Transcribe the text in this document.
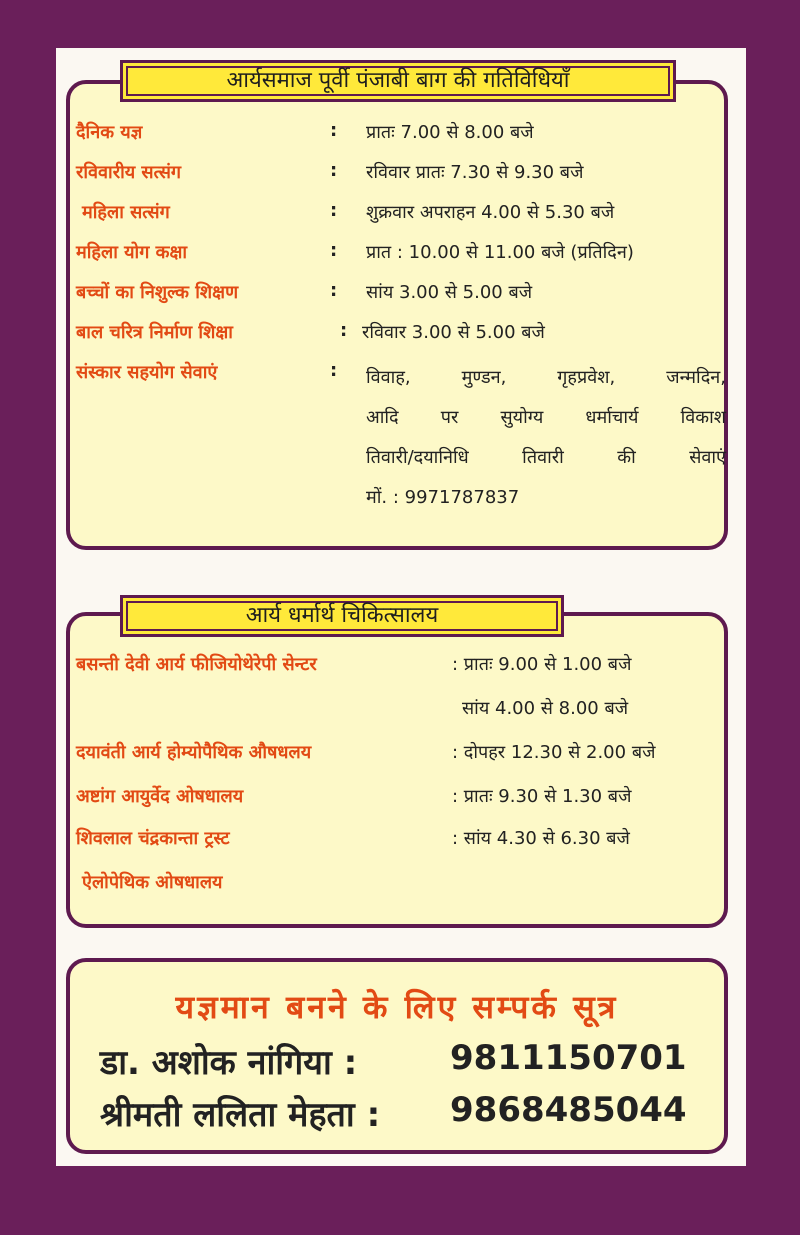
आर्यसमाज पूर्वी पंजाबी बाग की गतिविधियाँ
दैनिक यज्ञ	: प्रातः 7.00 से 8.00 बजे
रविवारीय सत्संग	: रविवार प्रातः 7.30 से 9.30 बजे
महिला सत्संग	: शुक्रवार अपराहन 4.00 से 5.30 बजे
महिला योग कक्षा	: प्रात : 10.00 से 11.00 बजे (प्रतिदिन)
बच्चों का निशुल्क शिक्षण	: सांय 3.00 से 5.00 बजे
बाल चरित्र निर्माण शिक्षा	: रविवार 3.00 से 5.00 बजे
संस्कार सहयोग सेवाएं	: विवाह, मुण्डन, गृहप्रवेश, जन्मदिन,
आदि पर सुयोग्य धर्माचार्य विकाश
तिवारी/दयानिधि तिवारी की सेवाएं
मों. : 9971787837
आर्य धर्मार्थ चिकित्सालय
बसन्ती देवी आर्य फीजियोथेरेपी सेन्टर	: प्रातः 9.00 से 1.00 बजे
सांय 4.00 से 8.00 बजे
दयावंती आर्य होम्योपैथिक औषधलय	: दोपहर 12.30 से 2.00 बजे
अष्टांग आयुर्वेद ओषधालय	: प्रातः 9.30 से 1.30 बजे
शिवलाल चंद्रकान्ता ट्रस्ट	: सांय 4.30 से 6.30 बजे
ऐलोपेथिक ओषधालय
यज्ञमान बनने के लिए सम्पर्क सूत्र
डा. अशोक नांगिया :	9811150701
श्रीमती ललिता मेहता : 9868485044
